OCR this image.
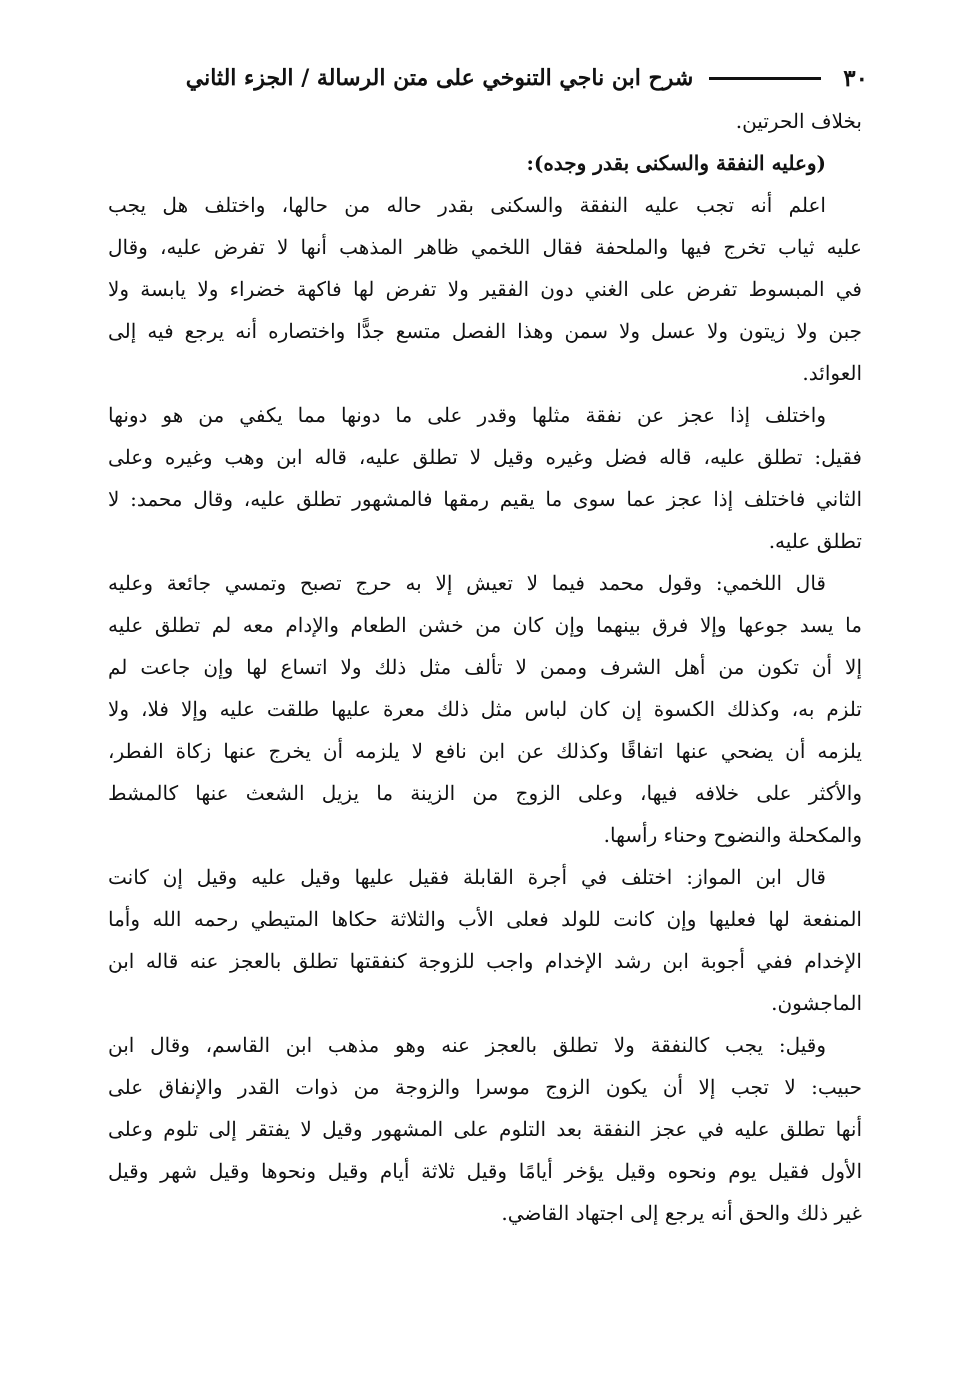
٣٠
شرح ابن ناجي التنوخي على متن الرسالة / الجزء الثاني
بخلاف الحرتين.
(وعليه النفقة والسكنى بقدر وجده):
اعلم أنه تجب عليه النفقة والسكنى بقدر حاله من حالها، واختلف هل يجب
عليه ثياب تخرج فيها والملحفة فقال اللخمي ظاهر المذهب أنها لا تفرض عليه، وقال
في المبسوط تفرض على الغني دون الفقير ولا تفرض لها فاكهة خضراء ولا يابسة ولا
جبن ولا زيتون ولا عسل ولا سمن وهذا الفصل متسع جدًّا واختصاره أنه يرجع فيه إلى
العوائد.
واختلف إذا عجز عن نفقة مثلها وقدر على ما دونها مما يكفي من هو دونها
فقيل: تطلق عليه، قاله فضل وغيره وقيل لا تطلق عليه، قاله ابن وهب وغيره وعلى
الثاني فاختلف إذا عجز عما سوى ما يقيم رمقها فالمشهور تطلق عليه، وقال محمد: لا
تطلق عليه.
قال اللخمي: وقول محمد فيما لا تعيش إلا به حرج تصبح وتمسي جائعة وعليه
ما يسد جوعها وإلا فرق بينهما وإن كان من خشن الطعام والإدام معه لم تطلق عليه
إلا أن تكون من أهل الشرف وممن لا تألف مثل ذلك ولا اتساع لها وإن جاعت لم
تلزم به، وكذلك الكسوة إن كان لباس مثل ذلك معرة عليها طلقت عليه وإلا فلا، ولا
يلزمه أن يضحي عنها اتفاقًا وكذلك عن ابن نافع لا يلزمه أن يخرج عنها زكاة الفطر،
والأكثر على خلافه فيها، وعلى الزوج من الزينة ما يزيل الشعث عنها كالمشط
والمكحلة والنضوح وحناء رأسها.
قال ابن المواز: اختلف في أجرة القابلة فقيل عليها وقيل عليه وقيل إن كانت
المنفعة لها فعليها وإن كانت للولد فعلى الأب والثلاثة حكاها المتيطي رحمه الله وأما
الإخدام ففي أجوبة ابن رشد الإخدام واجب للزوجة كنفقتها تطلق بالعجز عنه قاله ابن
الماجشون.
وقيل: يجب كالنفقة ولا تطلق بالعجز عنه وهو مذهب ابن القاسم، وقال ابن
حبيب: لا تجب إلا أن يكون الزوج موسرا والزوجة من ذوات القدر والإنفاق على
أنها تطلق عليه في عجز النفقة بعد التلوم على المشهور وقيل لا يفتقر إلى تلوم وعلى
الأول فقيل يوم ونحوه وقيل يؤخر أيامًا وقيل ثلاثة أيام وقيل ونحوها وقيل شهر وقيل
غير ذلك والحق أنه يرجع إلى اجتهاد القاضي.
